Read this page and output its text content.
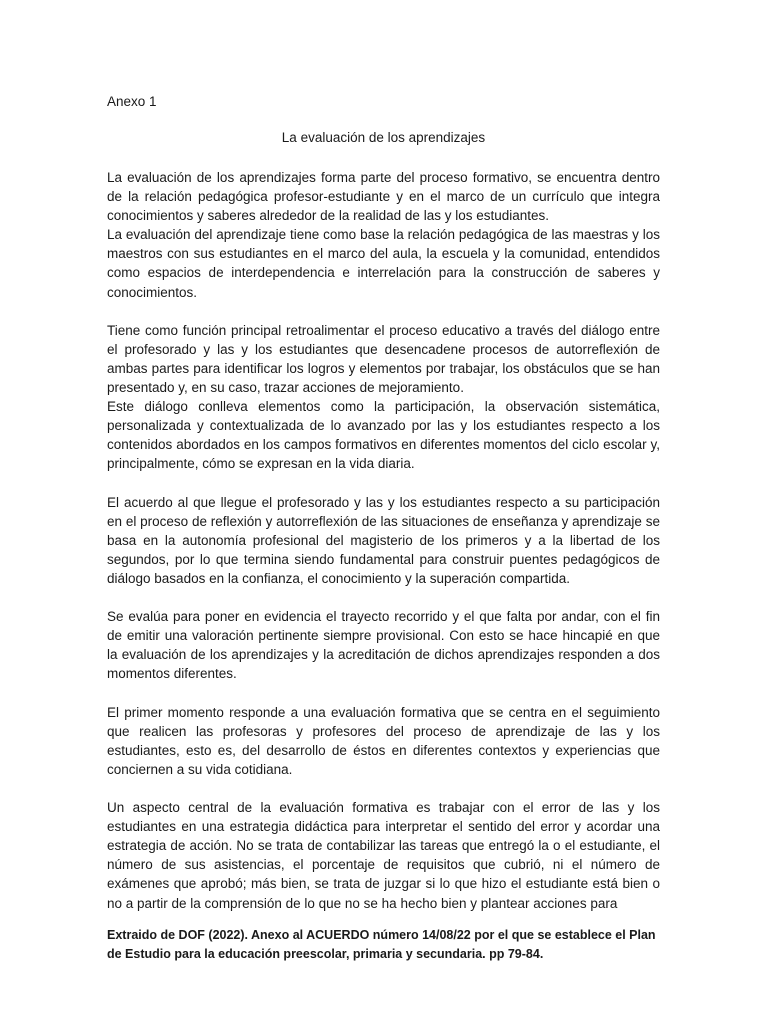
Anexo 1

La evaluación de los aprendizajes

La evaluación de los aprendizajes forma parte del proceso formativo, se encuentra dentro de la relación pedagógica profesor-estudiante y en el marco de un currículo que integra conocimientos y saberes alrededor de la realidad de las y los estudiantes.

La evaluación del aprendizaje tiene como base la relación pedagógica de las maestras y los maestros con sus estudiantes en el marco del aula, la escuela y la comunidad, entendidos como espacios de interdependencia e interrelación para la construcción de saberes y conocimientos.

Tiene como función principal retroalimentar el proceso educativo a través del diálogo entre el profesorado y las y los estudiantes que desencadene procesos de autorreflexión de ambas partes para identificar los logros y elementos por trabajar, los obstáculos que se han presentado y, en su caso, trazar acciones de mejoramiento.

Este diálogo conlleva elementos como la participación, la observación sistemática, personalizada y contextualizada de lo avanzado por las y los estudiantes respecto a los contenidos abordados en los campos formativos en diferentes momentos del ciclo escolar y, principalmente, cómo se expresan en la vida diaria.

El acuerdo al que llegue el profesorado y las y los estudiantes respecto a su participación en el proceso de reflexión y autorreflexión de las situaciones de enseñanza y aprendizaje se basa en la autonomía profesional del magisterio de los primeros y a la libertad de los segundos, por lo que termina siendo fundamental para construir puentes pedagógicos de diálogo basados en la confianza, el conocimiento y la superación compartida.

Se evalúa para poner en evidencia el trayecto recorrido y el que falta por andar, con el fin de emitir una valoración pertinente siempre provisional. Con esto se hace hincapié en que la evaluación de los aprendizajes y la acreditación de dichos aprendizajes responden a dos momentos diferentes.

El primer momento responde a una evaluación formativa que se centra en el seguimiento que realicen las profesoras y profesores del proceso de aprendizaje de las y los estudiantes, esto es, del desarrollo de éstos en diferentes contextos y experiencias que conciernen a su vida cotidiana.

Un aspecto central de la evaluación formativa es trabajar con el error de las y los estudiantes en una estrategia didáctica para interpretar el sentido del error y acordar una estrategia de acción. No se trata de contabilizar las tareas que entregó la o el estudiante, el número de sus asistencias, el porcentaje de requisitos que cubrió, ni el número de exámenes que aprobó; más bien, se trata de juzgar si lo que hizo el estudiante está bien o no a partir de la comprensión de lo que no se ha hecho bien y plantear acciones para

Extraido de DOF (2022). Anexo al ACUERDO número 14/08/22 por el que se establece el Plan de Estudio para la educación preescolar, primaria y secundaria. pp 79-84.
